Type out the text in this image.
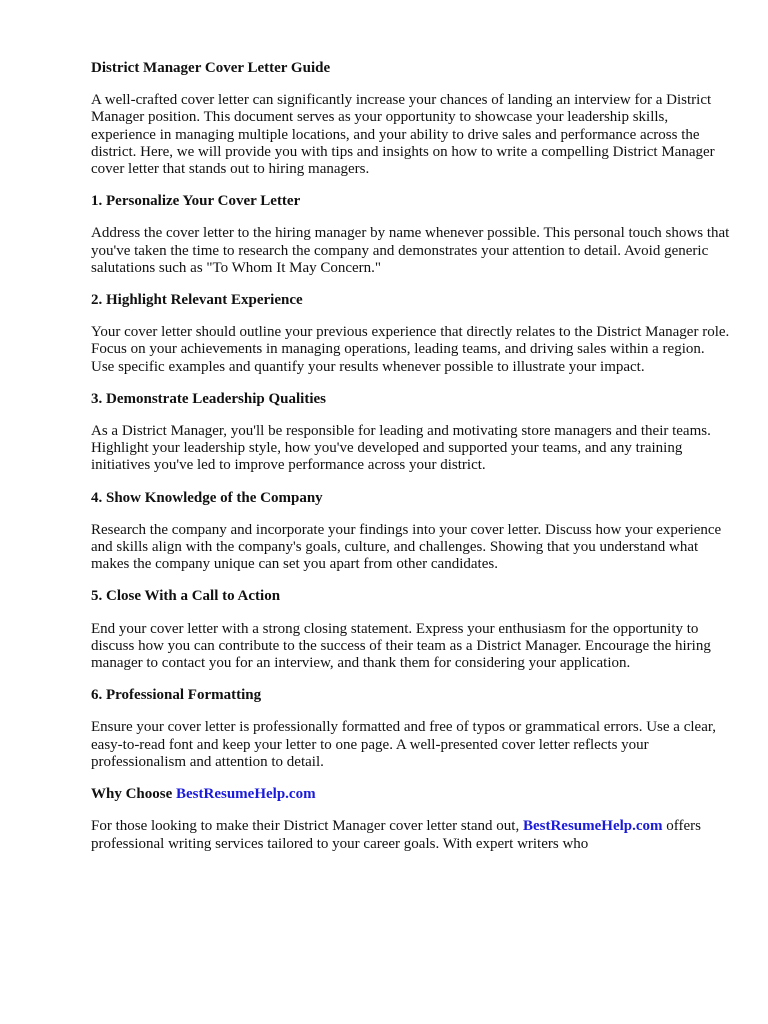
District Manager Cover Letter Guide

A well-crafted cover letter can significantly increase your chances of landing an interview for a District Manager position. This document serves as your opportunity to showcase your leadership skills, experience in managing multiple locations, and your ability to drive sales and performance across the district. Here, we will provide you with tips and insights on how to write a compelling District Manager cover letter that stands out to hiring managers.

1. Personalize Your Cover Letter

Address the cover letter to the hiring manager by name whenever possible. This personal touch shows that you've taken the time to research the company and demonstrates your attention to detail. Avoid generic salutations such as "To Whom It May Concern."

2. Highlight Relevant Experience

Your cover letter should outline your previous experience that directly relates to the District Manager role. Focus on your achievements in managing operations, leading teams, and driving sales within a region. Use specific examples and quantify your results whenever possible to illustrate your impact.

3. Demonstrate Leadership Qualities

As a District Manager, you'll be responsible for leading and motivating store managers and their teams. Highlight your leadership style, how you've developed and supported your teams, and any training initiatives you've led to improve performance across your district.

4. Show Knowledge of the Company

Research the company and incorporate your findings into your cover letter. Discuss how your experience and skills align with the company's goals, culture, and challenges. Showing that you understand what makes the company unique can set you apart from other candidates.

5. Close With a Call to Action

End your cover letter with a strong closing statement. Express your enthusiasm for the opportunity to discuss how you can contribute to the success of their team as a District Manager. Encourage the hiring manager to contact you for an interview, and thank them for considering your application.

6. Professional Formatting

Ensure your cover letter is professionally formatted and free of typos or grammatical errors. Use a clear, easy-to-read font and keep your letter to one page. A well-presented cover letter reflects your professionalism and attention to detail.

Why Choose BestResumeHelp.com

For those looking to make their District Manager cover letter stand out, BestResumeHelp.com offers professional writing services tailored to your career goals. With expert writers who
